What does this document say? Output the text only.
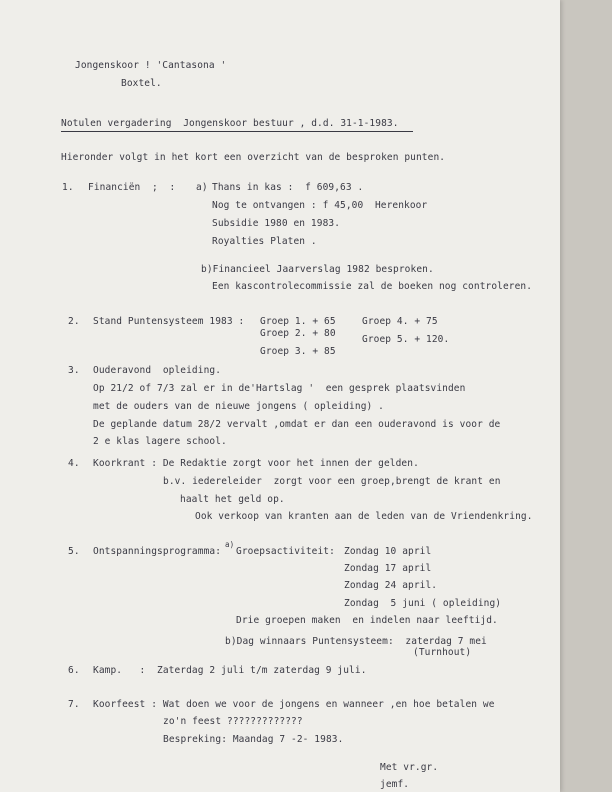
Jongenskoor ! 'Cantasona '
Boxtel.
Notulen vergadering  Jongenskoor bestuur , d.d. 31-1-1983.
Hieronder volgt in het kort een overzicht van de besproken punten.
1. Financiën  ;  : a) Thans in kas :  f 609,63 .
Nog te ontvangen : f 45,00  Herenkoor
Subsidie 1980 en 1983.
Royalties Platen .
b)Financieel Jaarverslag 1982 besproken.
Een kascontrolecommissie zal de boeken nog controleren.
2. Stand Puntensysteem 1983 : Groep 1. + 65
Groep 2. + 80
Groep 3. + 85
Groep 4. + 75
Groep 5. + 120.
3. Ouderavond  opleiding.
Op 21/2 of 7/3 zal er in de'Hartslag '  een gesprek plaatsvinden
met de ouders van de nieuwe jongens ( opleiding) .
De geplande datum 28/2 vervalt ,omdat er dan een ouderavond is voor de
2 e klas lagere school.
4. Koorkrant : De Redaktie zorgt voor het innen der gelden.
b.v. iedereleider  zorgt voor een groep,brengt de krant en
haalt het geld op.
Ook verkoop van kranten aan de leden van de Vriendenkring.
5. Ontspanningsprogramma:
a)
Groepsactiviteit: Zondag 10 april
Zondag 17 april
Zondag 24 april.
Zondag  5 juni ( opleiding)
Drie groepen maken  en indelen naar leeftijd.
b)Dag winnaars Puntensysteem:  zaterdag 7 mei
(Turnhout)
6. Kamp.   :  Zaterdag 2 juli t/m zaterdag 9 juli.
7. Koorfeest : Wat doen we voor de jongens en wanneer ,en hoe betalen we
zo'n feest ?????????????
Bespreking: Maandag 7 -2- 1983.
Met vr.gr.
jemf.
